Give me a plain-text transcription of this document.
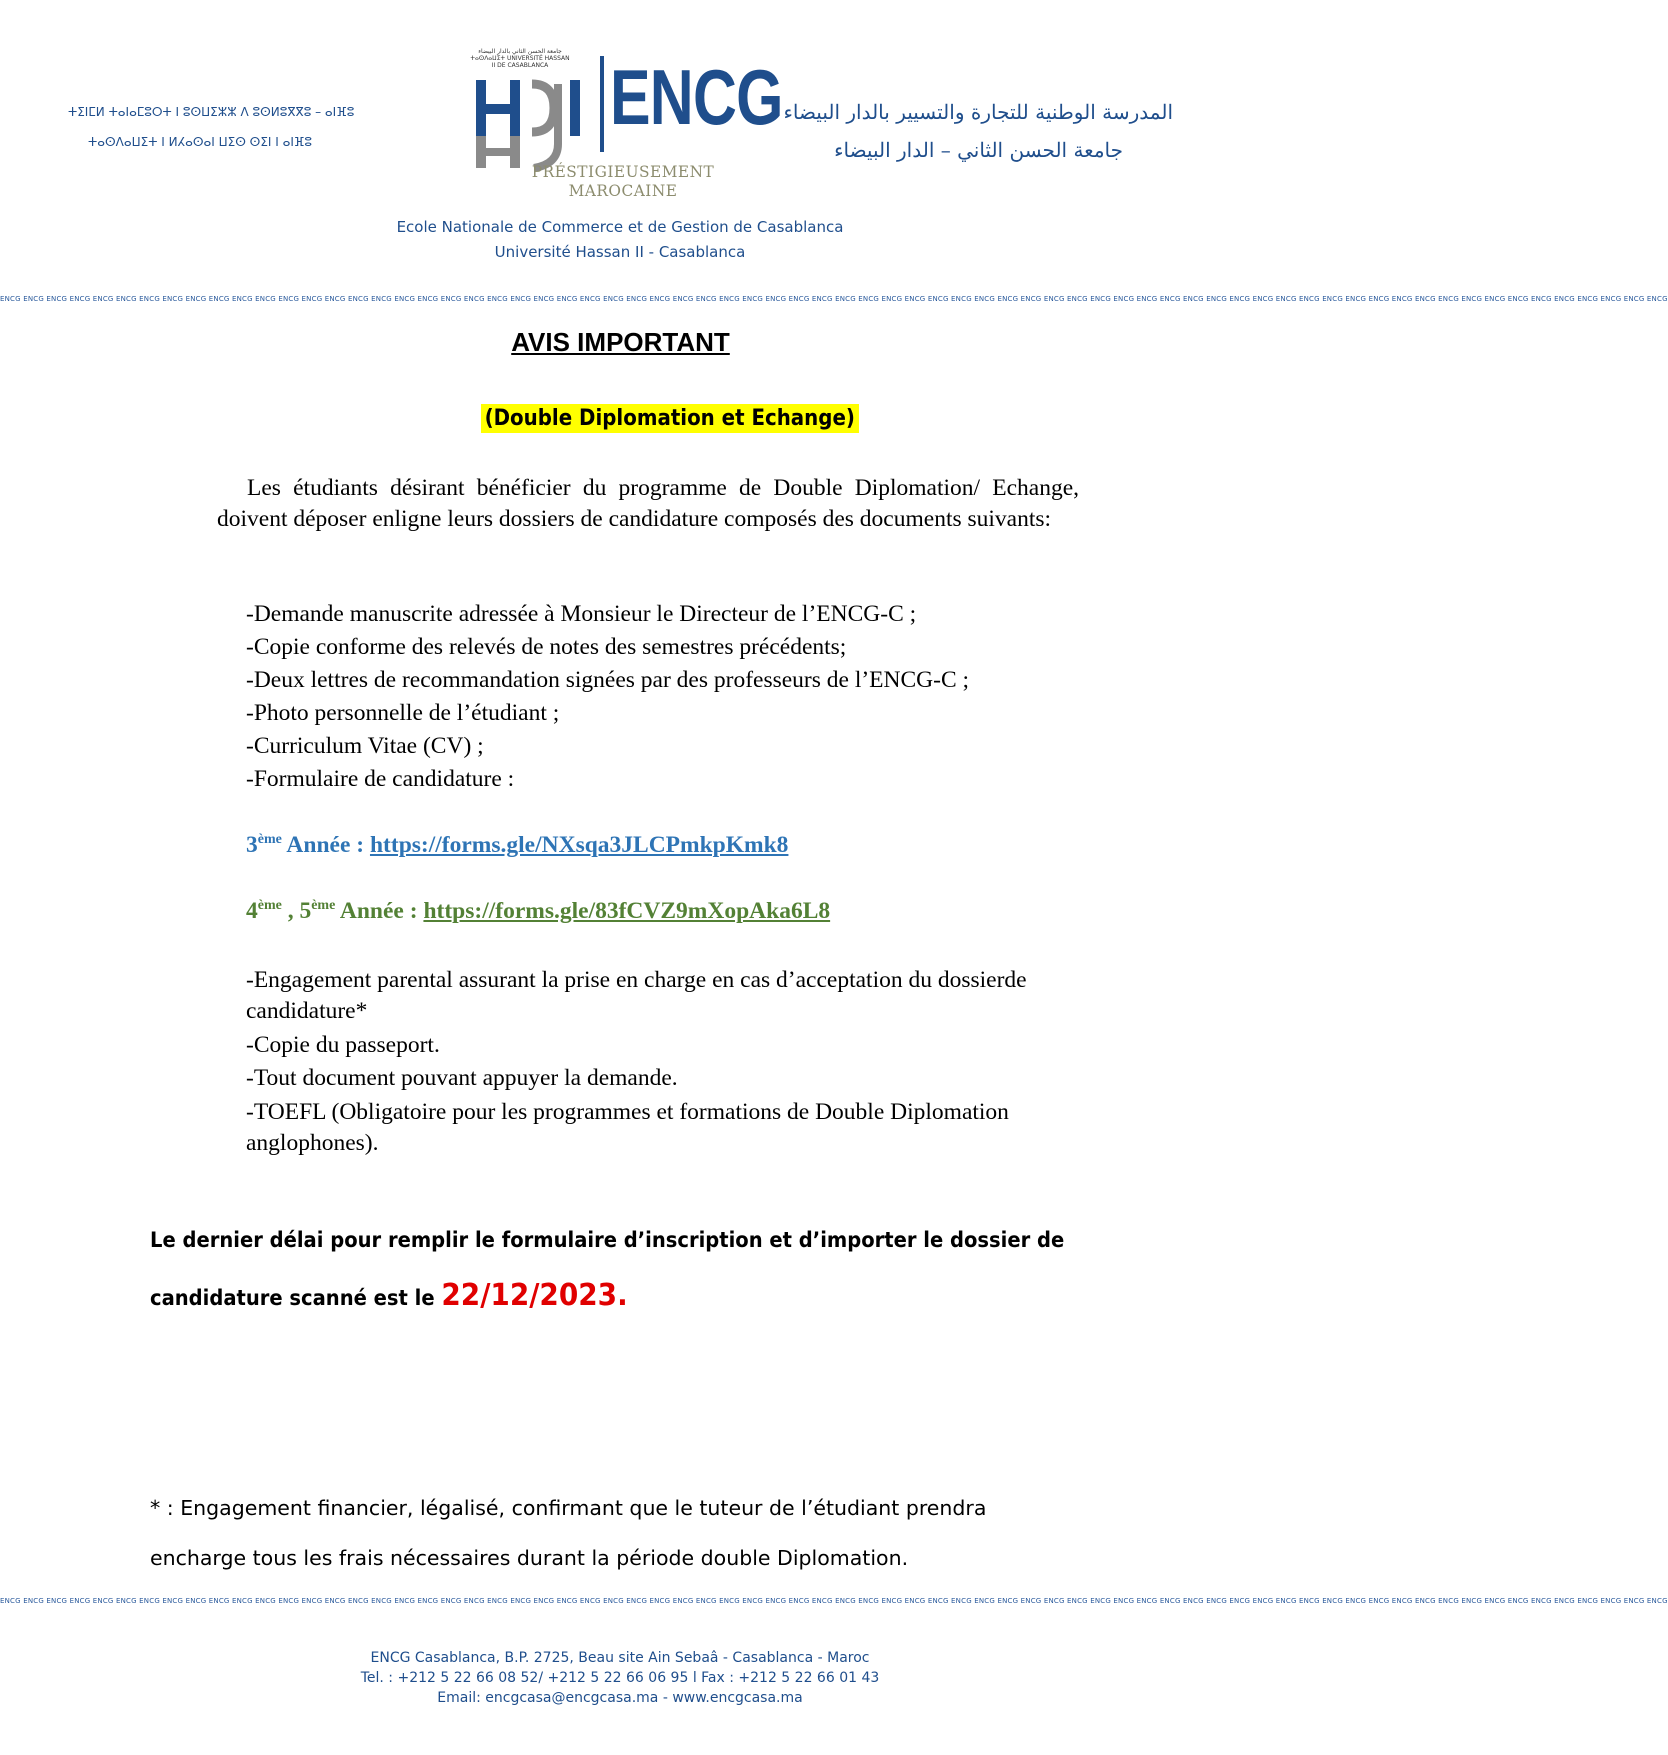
ⵜⵉⵏⵎⵍ ⵜⴰⵏⴰⵎⵓⵔⵜ ⵏ ⵓⵙⵡⵉⵣⵣ ⴷ ⵓⵙⵍⵓⴳⴳⵓ – ⴰⵏⴼⵓ
ⵜⴰⵙⴷⴰⵡⵉⵜ ⵏ ⵍⵃⴰⵙⴰⵏ ⵡⵉⵙ ⵙⵉⵏ ⵏ ⴰⵏⴼⵓ
جامعة الحسن الثاني بالدار البيضاء ⵜⴰⵙⴷⴰⵡⵉⵜ UNIVERSITÉ HASSAN II DE CASABLANCA ENCG
PRÉSTIGIEUSEMENT MAROCAINE
المدرسة الوطنية للتجارة والتسيير بالدار البيضاء
جامعة الحسن الثاني – الدار البيضاء
Ecole Nationale de Commerce et de Gestion de Casablanca
Université Hassan II - Casablanca
ENCG ENCG ENCG ENCG ENCG ENCG ENCG ENCG ENCG ENCG ENCG ENCG ENCG ENCG ENCG ENCG ENCG ENCG ENCG ENCG ENCG ENCG ENCG ENCG ENCG ENCG ENCG ENCG ENCG ENCG ENCG ENCG ENCG ENCG ENCG ENCG ENCG ENCG ENCG ENCG ENCG ENCG ENCG ENCG ENCG ENCG ENCG ENCG ENCG ENCG ENCG ENCG ENCG ENCG ENCG ENCG ENCG ENCG ENCG ENCG ENCG ENCG ENCG ENCG ENCG ENCG ENCG ENCG ENCG ENCG ENCG ENCG
AVIS IMPORTANT
(Double Diplomation et Echange)
Les étudiants désirant bénéficier du programme de Double Diplomation/ Echange, doivent déposer enligne leurs dossiers de candidature composés des documents suivants:
-Demande manuscrite adressée à Monsieur le Directeur de l’ENCG-C ;
-Copie conforme des relevés de notes des semestres précédents;
-Deux lettres de recommandation signées par des professeurs de l’ENCG-C ;
-Photo personnelle de l’étudiant ;
-Curriculum Vitae (CV) ;
-Formulaire de candidature :
3ème Année : https://forms.gle/NXsqa3JLCPmkpKmk8
4ème , 5ème Année : https://forms.gle/83fCVZ9mXopAka6L8
-Engagement parental assurant la prise en charge en cas d’acceptation du dossierde candidature*
-Copie du passeport.
-Tout document pouvant appuyer la demande.
-TOEFL (Obligatoire pour les programmes et formations de Double Diplomation anglophones).
Le dernier délai pour remplir le formulaire d’inscription et d’importer le dossier de
candidature scanné est le 22/12/2023.
* : Engagement financier, légalisé, confirmant que le tuteur de l’étudiant prendra
encharge tous les frais nécessaires durant la période double Diplomation.
ENCG ENCG ENCG ENCG ENCG ENCG ENCG ENCG ENCG ENCG ENCG ENCG ENCG ENCG ENCG ENCG ENCG ENCG ENCG ENCG ENCG ENCG ENCG ENCG ENCG ENCG ENCG ENCG ENCG ENCG ENCG ENCG ENCG ENCG ENCG ENCG ENCG ENCG ENCG ENCG ENCG ENCG ENCG ENCG ENCG ENCG ENCG ENCG ENCG ENCG ENCG ENCG ENCG ENCG ENCG ENCG ENCG ENCG ENCG ENCG ENCG ENCG ENCG ENCG ENCG ENCG ENCG ENCG ENCG ENCG ENCG ENCG
ENCG Casablanca, B.P. 2725, Beau site Ain Sebaâ - Casablanca - Maroc
Tel. : +212 5 22 66 08 52/ +212 5 22 66 06 95 l Fax : +212 5 22 66 01 43
Email: encgcasa@encgcasa.ma - www.encgcasa.ma
